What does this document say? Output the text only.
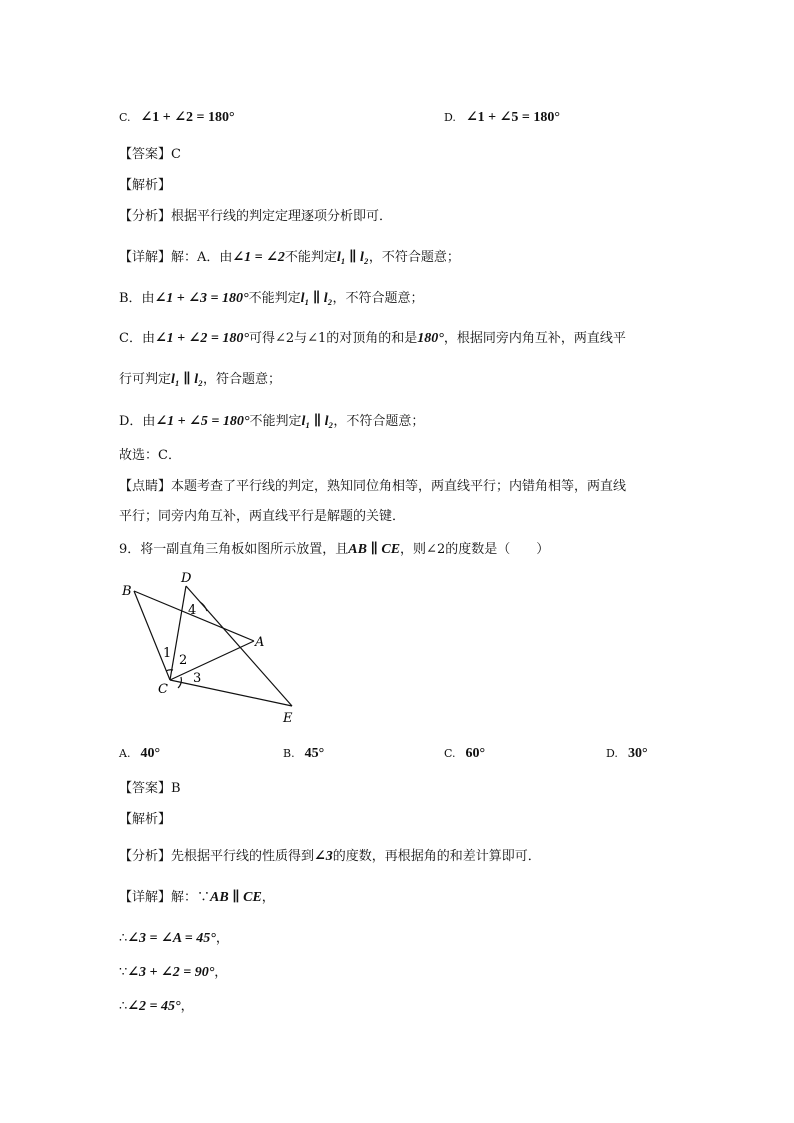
C. ∠1 + ∠2 = 180°	D. ∠1 + ∠5 = 180°
【答案】C
【解析】
【分析】根据平行线的判定定理逐项分析即可．
【详解】解：A．由∠1 = ∠2不能判定l₁ ∥ l₂，不符合题意；
B．由∠1 + ∠3 = 180°不能判定l₁ ∥ l₂，不符合题意；
C．由∠1 + ∠2 = 180°可得∠2与∠1的对顶角的和是180°，根据同旁内角互补，两直线平
行可判定l₁ ∥ l₂，符合题意；
D．由∠1 + ∠5 = 180°不能判定l₁ ∥ l₂，不符合题意；
故选：C．
【点睛】本题考查了平行线的判定，熟知同位角相等，两直线平行；内错角相等，两直线
平行；同旁内角互补，两直线平行是解题的关键．
9．将一副直角三角板如图所示放置，且AB ∥ CE，则∠2的度数是（　　）
B
D
A
C
E
1 2
3
4
A. 40°	B. 45°	C. 60°	D. 30°
【答案】B
【解析】
【分析】先根据平行线的性质得到∠3的度数，再根据角的和差计算即可．
【详解】解：∵AB ∥ CE，
∴∠3 = ∠A = 45°，
∵∠3 + ∠2 = 90°，
∴∠2 = 45°，
